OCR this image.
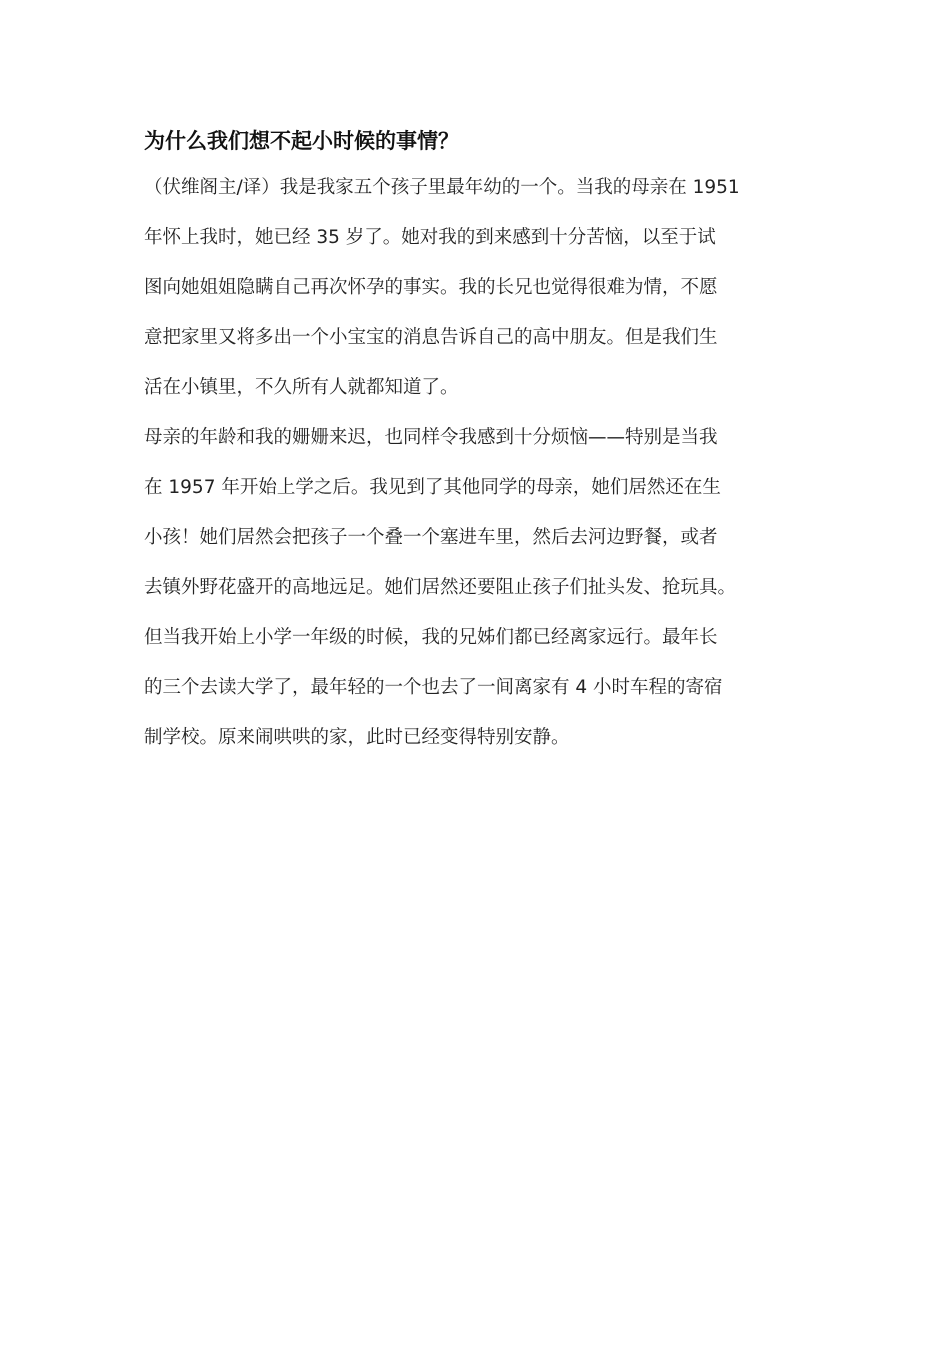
为什么我们想不起小时候的事情？

（伏维阁主/译）我是我家五个孩子里最年幼的一个。当我的母亲在 1951
年怀上我时，她已经 35 岁了。她对我的到来感到十分苦恼，以至于试
图向她姐姐隐瞒自己再次怀孕的事实。我的长兄也觉得很难为情，不愿
意把家里又将多出一个小宝宝的消息告诉自己的高中朋友。但是我们生
活在小镇里，不久所有人就都知道了。

母亲的年龄和我的姗姗来迟，也同样令我感到十分烦恼——特别是当我
在 1957 年开始上学之后。我见到了其他同学的母亲，她们居然还在生
小孩！她们居然会把孩子一个叠一个塞进车里，然后去河边野餐，或者
去镇外野花盛开的高地远足。她们居然还要阻止孩子们扯头发、抢玩具。
但当我开始上小学一年级的时候，我的兄姊们都已经离家远行。最年长
的三个去读大学了，最年轻的一个也去了一间离家有 4 小时车程的寄宿
制学校。原来闹哄哄的家，此时已经变得特别安静。
